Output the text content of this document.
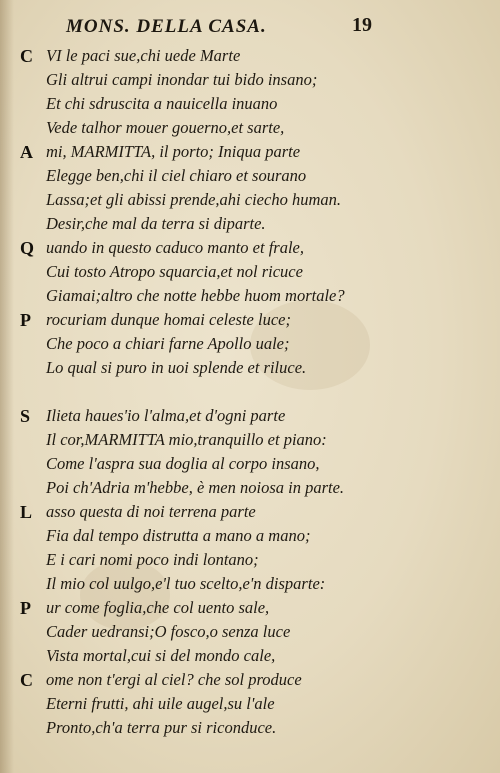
MONS. DELLA CASA.	19
C VI le paci sue,chi uede Marte
Gli altrui campi inondar tui bido insano;
Et chi sdruscita a nauicella inuano
Vede talhor mouer gouerno,et sarte,
A mi, MARMITTA, il porto; Iniqua parte
Elegge ben,chi il ciel chiaro et sourano
Lassa;et gli abissi prende,ahi ciecho human.
Desir,che mal da terra si diparte.
Q uando in questo caduco manto et frale,
Cui tosto Atropo squarcia,et nol ricuce
Giamai;altro che notte hebbe huom mortale?
P rocuriam dunque homai celeste luce;
Che poco a chiari farne Apollo uale;
Lo qual si puro in uoi splende et riluce.
S Ilieta haues'io l'alma,et d'ogni parte
Il cor,MARMITTA mio,tranquillo et piano:
Come l'aspra sua doglia al corpo insano,
Poi ch'Adria m'hebbe, è men noiosa in parte.
L asso questa di noi terrena parte
Fia dal tempo distrutta a mano a mano;
E i cari nomi poco indi lontano;
Il mio col uulgo,e'l tuo scelto,e'n disparte:
P ur come foglia,che col uento sale,
Cader uedransi;O fosco,o senza luce
Vista mortal,cui si del mondo cale,
C ome non t'ergi al ciel? che sol produce
Eterni frutti, ahi uile augel,su l'ale
Pronto,ch'a terra pur si riconduce.
